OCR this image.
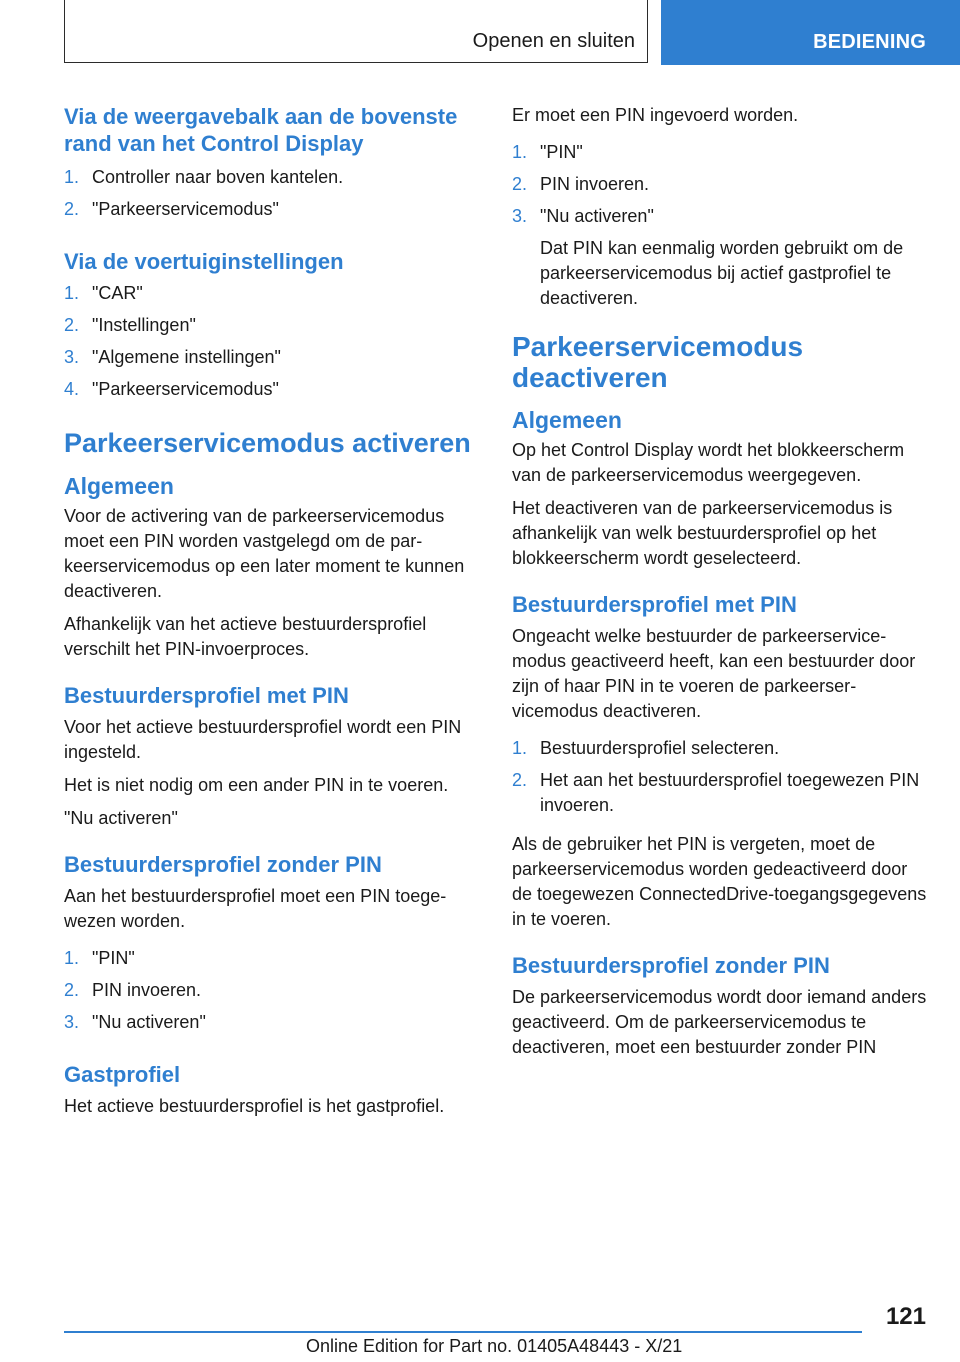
Openen en sluiten	BEDIENING
Via de weergavebalk aan de bovenste rand van het Control Display
1. Controller naar boven kantelen.
2. "Parkeerservicemodus"
Via de voertuiginstellingen
1. "CAR"
2. "Instellingen"
3. "Algemene instellingen"
4. "Parkeerservicemodus"
Parkeerservicemodus activeren
Algemeen

Voor de activering van de parkeerservicemodus moet een PIN worden vastgelegd om de parkeerservicemodus op een later moment te kunnen deactiveren.

Afhankelijk van het actieve bestuurdersprofiel verschilt het PIN-invoerproces.

Bestuurdersprofiel met PIN

Voor het actieve bestuurdersprofiel wordt een PIN ingesteld.

Het is niet nodig om een ander PIN in te voeren.

"Nu activeren"

Bestuurdersprofiel zonder PIN

Aan het bestuurdersprofiel moet een PIN toegewezen worden.

1. "PIN"
2. PIN invoeren.
3. "Nu activeren"
Gastprofiel

Het actieve bestuurdersprofiel is het gastprofiel.

Er moet een PIN ingevoerd worden.

1. "PIN"
2. PIN invoeren.
3. "Nu activeren"
Dat PIN kan eenmalig worden gebruikt om de parkeerservicemodus bij actief gastprofiel te deactiveren.
Parkeerservicemodus deactiveren
Algemeen

Op het Control Display wordt het blokkeerscherm van de parkeerservicemodus weergegeven.

Het deactiveren van de parkeerservicemodus is afhankelijk van welk bestuurdersprofiel op het blokkeerscherm wordt geselecteerd.

Bestuurdersprofiel met PIN

Ongeacht welke bestuurder de parkeerservicemodus geactiveerd heeft, kan een bestuurder door zijn of haar PIN in te voeren de parkeerservicemodus deactiveren.

1. Bestuurdersprofiel selecteren.
2. Het aan het bestuurdersprofiel toegewezen PIN invoeren.

Als de gebruiker het PIN is vergeten, moet de parkeerservicemodus worden gedeactiveerd door de toegewezen ConnectedDrive-toegangsgegevens in te voeren.

Bestuurdersprofiel zonder PIN

De parkeerservicemodus wordt door iemand anders geactiveerd. Om de parkeerservicemodus te deactiveren, moet een bestuurder zonder PIN

121
Online Edition for Part no. 01405A48443 - X/21
